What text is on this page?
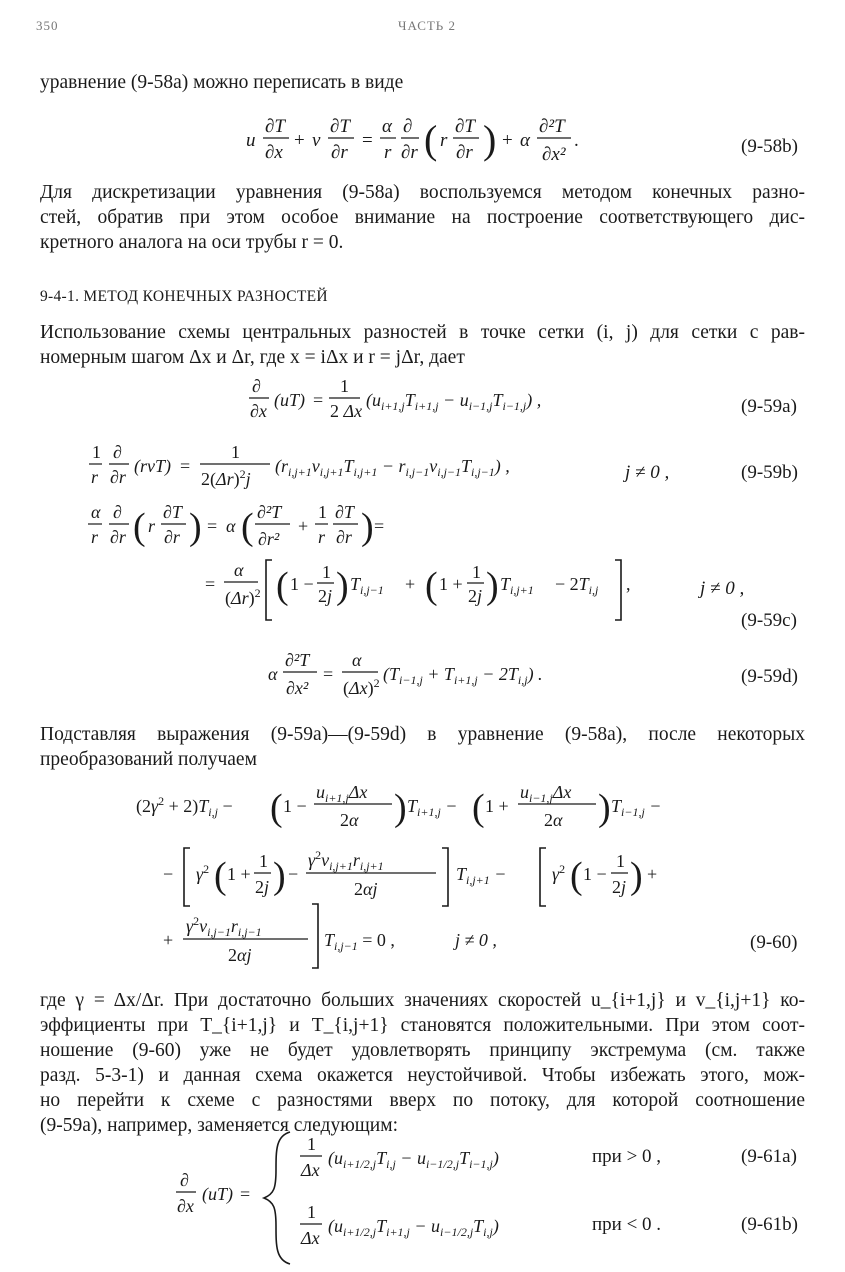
350	ЧАСТЬ 2
уравнение (9-58a) можно переписать в виде
u
∂T
∂x
+ v
∂T
∂r
=
α
r
∂
∂r ( r
∂T
∂r ) + α
∂²T
∂x²
.	(9-58b)
Для дискретизации уравнения (9-58a) воспользуемся методом конечных разно-
стей, обратив при этом особое внимание на построение соответствующего дис-
кретного аналога на оси трубы r = 0.
9-4-1. МЕТОД КОНЕЧНЫХ РАЗНОСТЕЙ
Использование схемы центральных разностей в точке сетки (i, j) для сетки с рав-
номерным шагом Δx и Δr, где x = iΔx и r = jΔr, дает
∂
∂x
(uT) =
1
2 Δx
$(u_{i+1,j}T_{i+1,j} - u_{i-1,j}T_{i-1,j})$ ,	(9-59a)
1
r
∂
∂r
(rvT) =
1
$2(\Delta r)^2j$
$(r_{i,j+1}v_{i,j+1}T_{i,j+1} - r_{i,j-1}v_{i,j-1}T_{i,j-1})$ ,	j ≠ 0 ,	(9-59b)
α
r
∂
∂r ( r
∂T
∂r ) = α ( ∂²T
∂r²
+
1
r
∂T
∂r ) =
=
α
$(\Delta r)^2$ ( 1 −
1
2j ) $T_{i,j-1}$ + ( 1 +
1
2j ) $T_{i,j+1} - 2T_{i,j}$ ,	j ≠ 0 ,
(9-59c)
α
∂²T
∂x²
=
α
$(\Delta x)^2$ $(T_{i-1,j} + T_{i+1,j} - 2T_{i,j})$ .	(9-59d)
Подставляя выражения (9-59a)—(9-59d) в уравнение (9-58a), после некоторых
преобразований получаем
$(2\gamma^2 + 2)T_{i,j}$ − ( 1 −
$u_{i+1,j}\Delta x$
2α ) $T_{i+1,j}$ − ( 1 +
$u_{i-1,j}\Delta x$
2α ) $T_{i-1,j}$ −
− $\gamma^2$ ( 1 +
1
2j ) −
$\gamma^2v_{i,j+1}r_{i,j+1}$
2αj
$T_{i,j+1}$ −	$\gamma^2$ ( 1 −
1
2j ) +
+
$\gamma^2v_{i,j-1}r_{i,j-1}$
2αj
$T_{i,j-1} = 0$ ,	j ≠ 0 ,	(9-60)
где γ = Δx/Δr. При достаточно больших значениях скоростей u_{i+1,j} и v_{i,j+1} ко-
эффициенты при T_{i+1,j} и T_{i,j+1} становятся положительными. При этом соот-
ношение (9-60) уже не будет удовлетворять принципу экстремума (см. также
разд. 5-3-1) и данная схема окажется неустойчивой. Чтобы избежать этого, мож-
но перейти к схеме с разностями вверх по потоку, для которой соотношение
(9-59a), например, заменяется следующим:
∂
∂x
(uT) =
1
Δx
$(u_{i+1/2,j}T_{i,j} - u_{i-1/2,j}T_{i-1,j})$
1
Δx
$(u_{i+1/2,j}T_{i+1,j} - u_{i-1/2,j}T_{i,j})$
при > 0 ,	(9-61a)
при < 0 .	(9-61b)
